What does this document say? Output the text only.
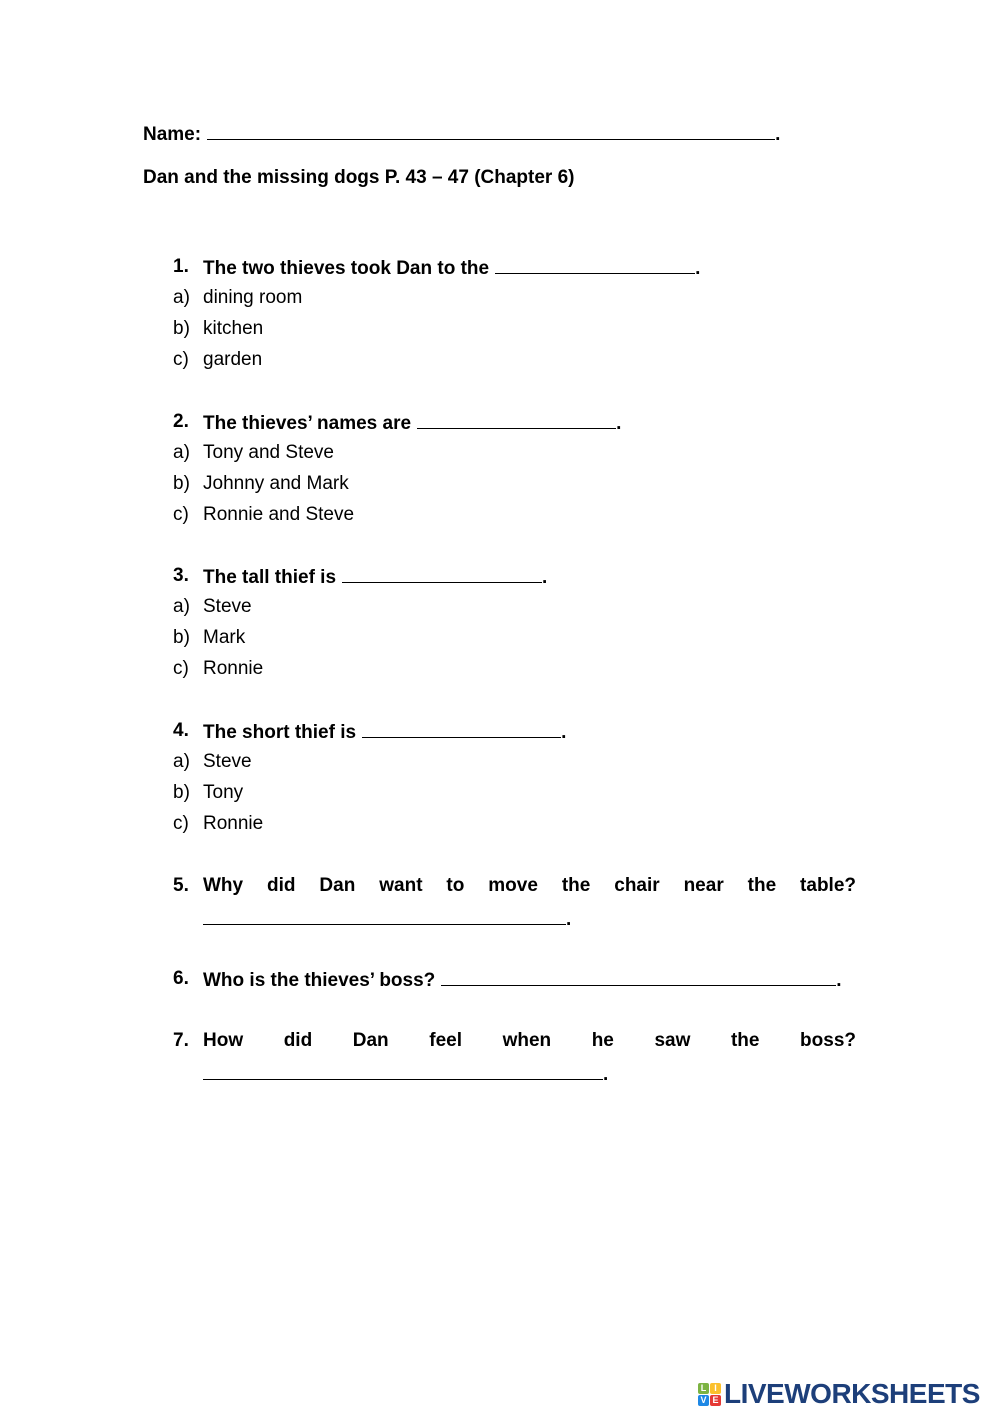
Name:	.
Dan and the missing dogs P. 43 – 47 (Chapter 6)
1. The two thieves took Dan to the	.
a) dining room
b) kitchen
c) garden
2. The thieves’ names are	.
a) Tony and Steve
b) Johnny and Mark
c) Ronnie and Steve
3. The tall thief is	.
a) Steve
b) Mark
c) Ronnie
4. The short thief is	.
a) Steve
b) Tony
c) Ronnie
5. Why did Dan want to move the chair near the table?
.
6. Who is the thieves’ boss?	.
7. How did Dan feel when he saw the boss?
.
L I
V E LIVEWORKSHEETS
